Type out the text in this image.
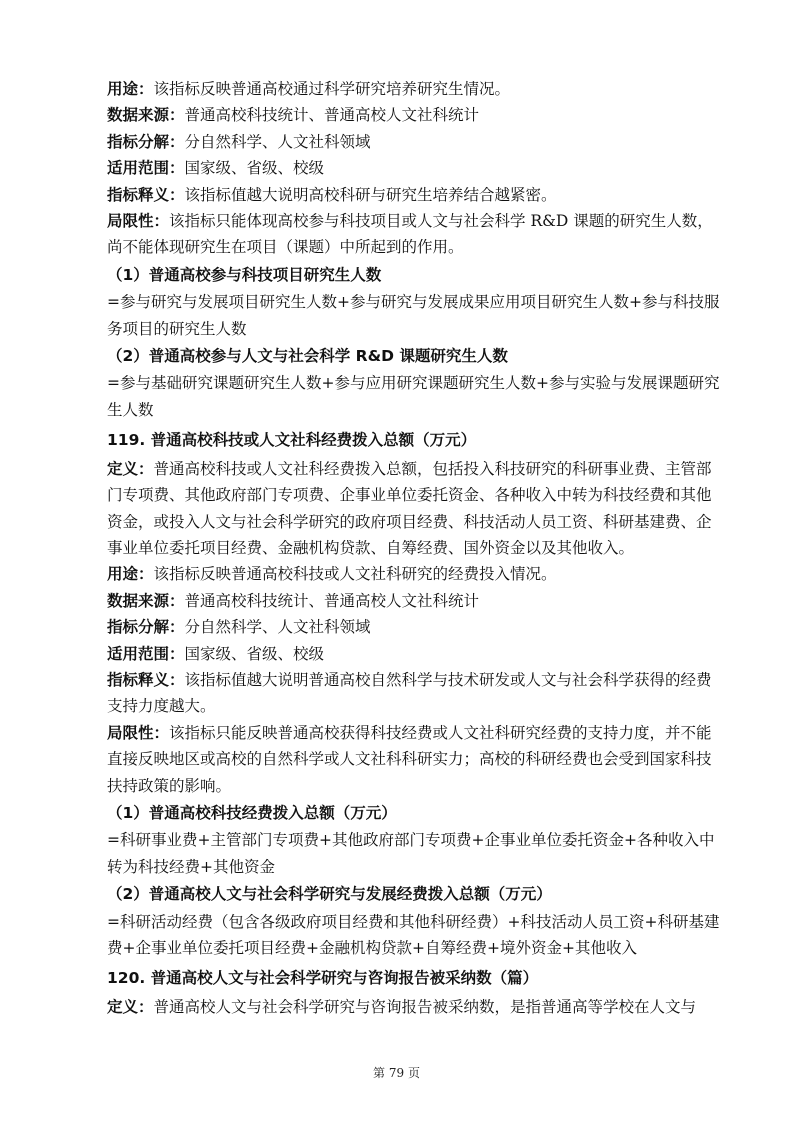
用途：该指标反映普通高校通过科学研究培养研究生情况。

数据来源：普通高校科技统计、普通高校人文社科统计

指标分解：分自然科学、人文社科领域

适用范围：国家级、省级、校级

指标释义：该指标值越大说明高校科研与研究生培养结合越紧密。

局限性：该指标只能体现高校参与科技项目或人文与社会科学 R&D 课题的研究生人数，尚不能体现研究生在项目（课题）中所起到的作用。

（1）普通高校参与科技项目研究生人数

=参与研究与发展项目研究生人数+参与研究与发展成果应用项目研究生人数+参与科技服务项目的研究生人数

（2）普通高校参与人文与社会科学 R&D 课题研究生人数

=参与基础研究课题研究生人数+参与应用研究课题研究生人数+参与实验与发展课题研究生人数

119. 普通高校科技或人文社科经费拨入总额（万元）

定义：普通高校科技或人文社科经费拨入总额，包括投入科技研究的科研事业费、主管部门专项费、其他政府部门专项费、企事业单位委托资金、各种收入中转为科技经费和其他资金，或投入人文与社会科学研究的政府项目经费、科技活动人员工资、科研基建费、企事业单位委托项目经费、金融机构贷款、自筹经费、国外资金以及其他收入。

用途：该指标反映普通高校科技或人文社科研究的经费投入情况。

数据来源：普通高校科技统计、普通高校人文社科统计

指标分解：分自然科学、人文社科领域

适用范围：国家级、省级、校级

指标释义：该指标值越大说明普通高校自然科学与技术研发或人文与社会科学获得的经费支持力度越大。

局限性：该指标只能反映普通高校获得科技经费或人文社科研究经费的支持力度，并不能直接反映地区或高校的自然科学或人文社科科研实力；高校的科研经费也会受到国家科技扶持政策的影响。

（1）普通高校科技经费拨入总额（万元）

=科研事业费+主管部门专项费+其他政府部门专项费+企事业单位委托资金+各种收入中转为科技经费+其他资金

（2）普通高校人文与社会科学研究与发展经费拨入总额（万元）

=科研活动经费（包含各级政府项目经费和其他科研经费）+科技活动人员工资+科研基建费+企事业单位委托项目经费+金融机构贷款+自筹经费+境外资金+其他收入

120. 普通高校人文与社会科学研究与咨询报告被采纳数（篇）

定义：普通高校人文与社会科学研究与咨询报告被采纳数，是指普通高等学校在人文与

第 79 页
